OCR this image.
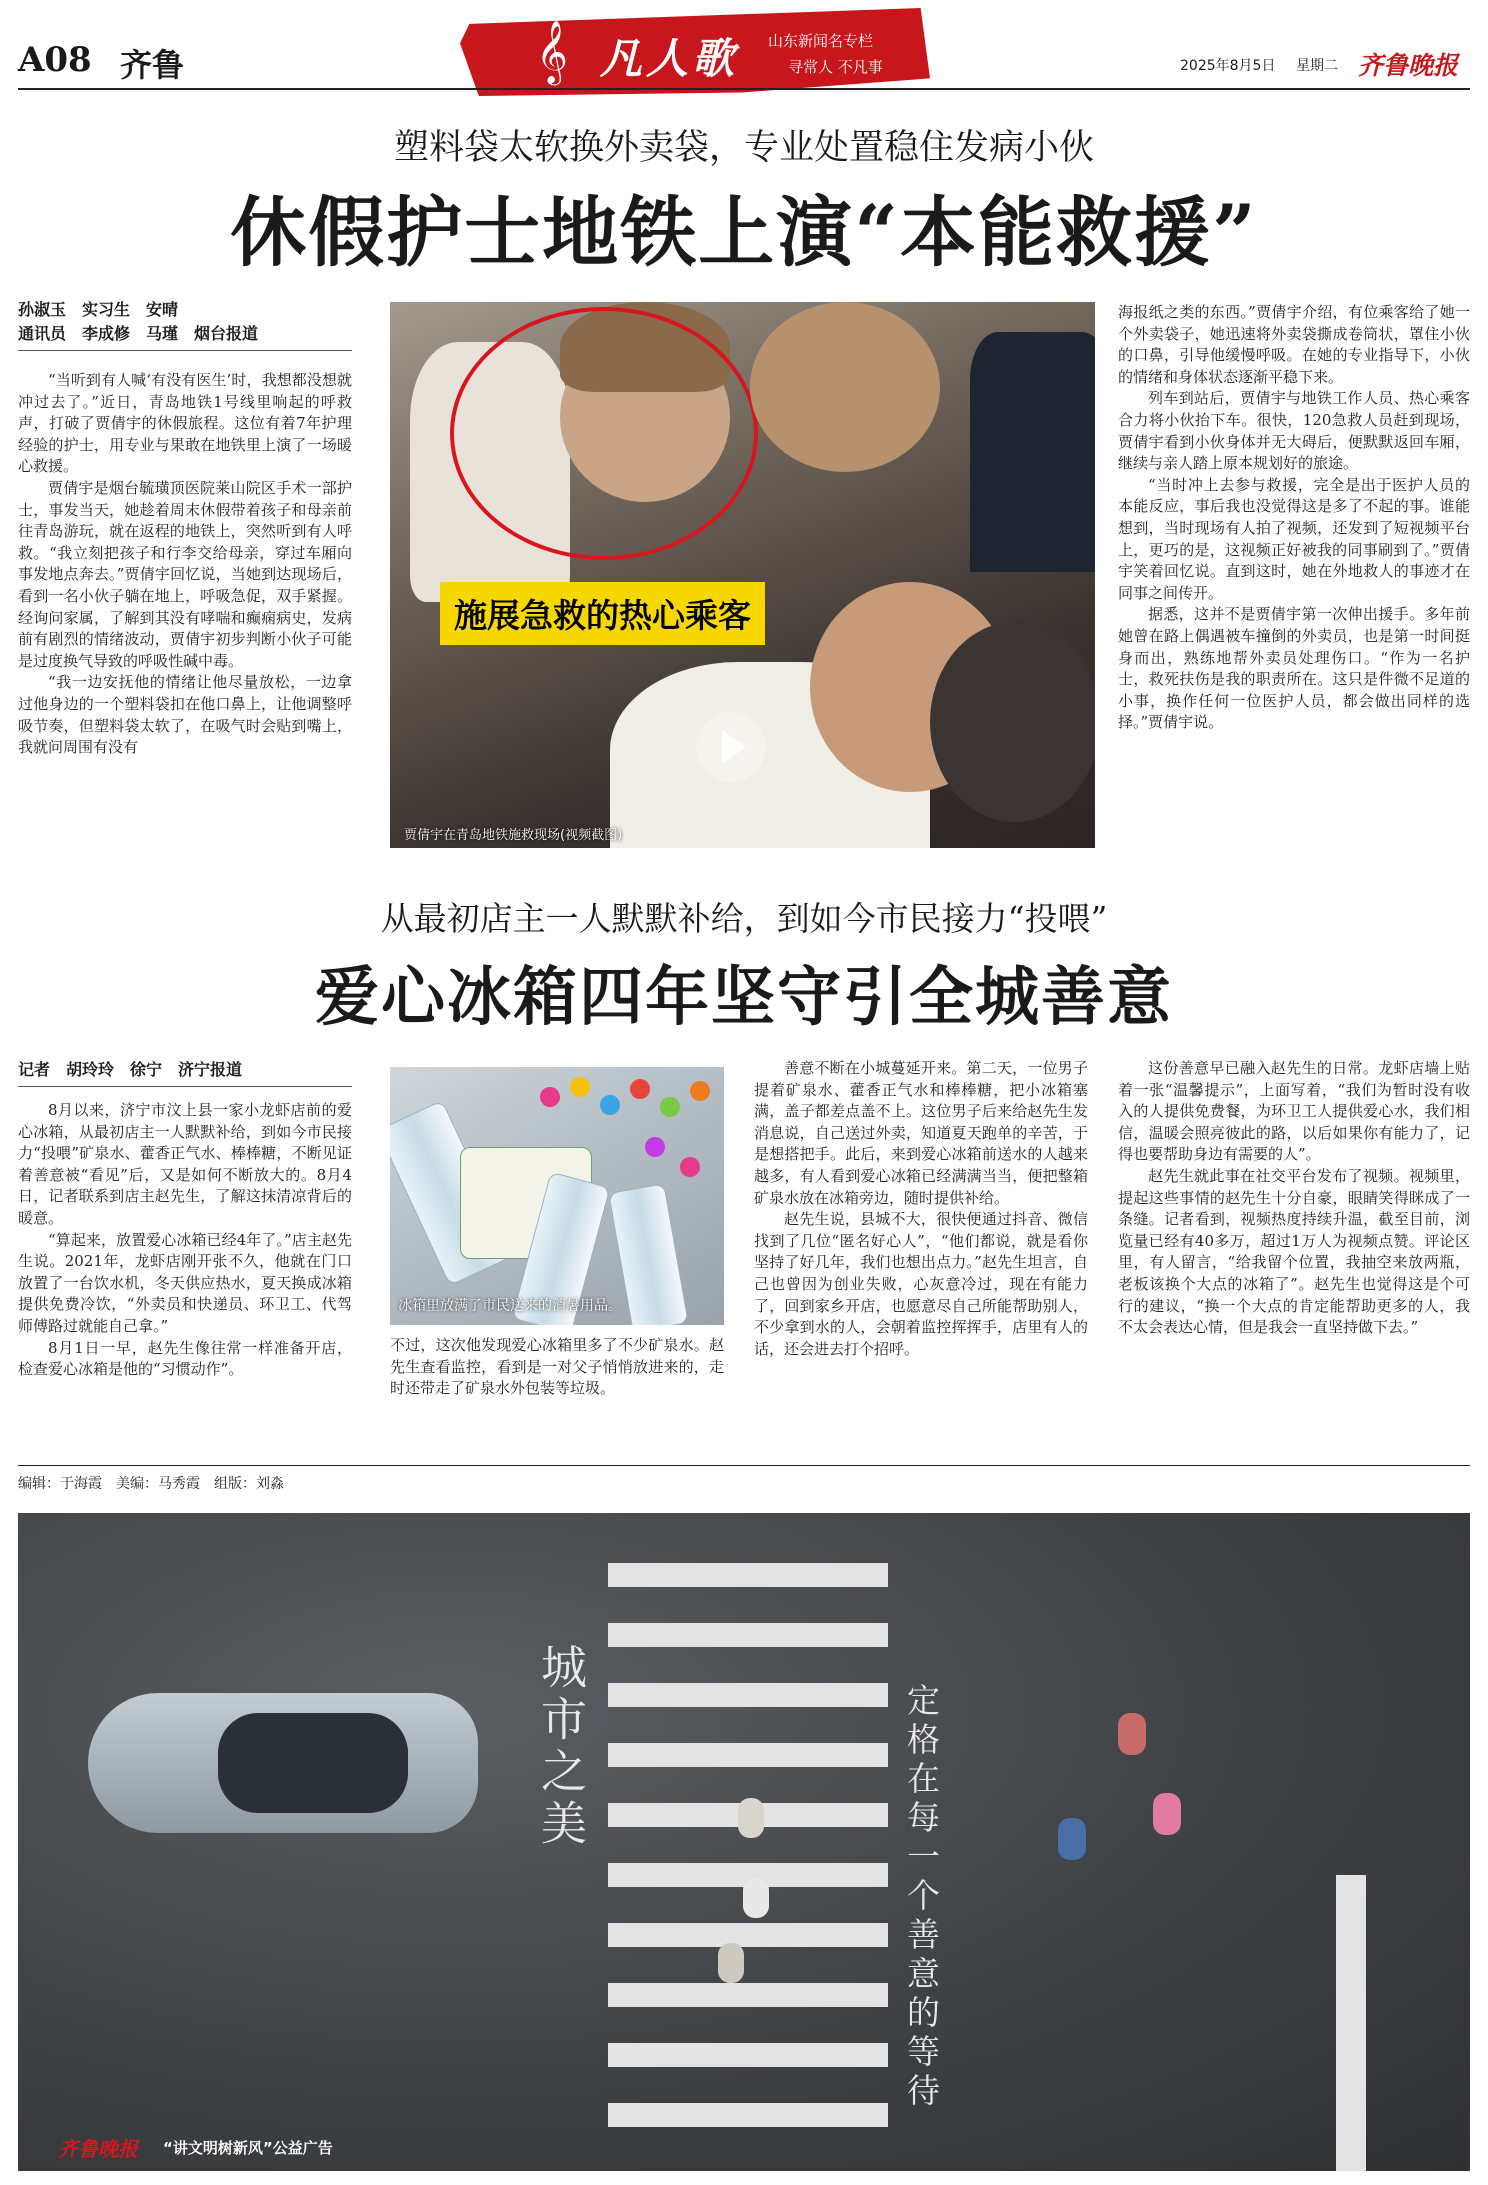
A08 齐鲁	𝄞 凡人歌 山东新闻名专栏
寻常人 不凡事	2025年8月5日 星期二 齐鲁晚报
塑料袋太软换外卖袋，专业处置稳住发病小伙
休假护士地铁上演“本能救援”
孙淑玉　实习生　安晴
通讯员　李成修　马瑾　烟台报道

“当听到有人喊‘有没有医生’时，我想都没想就冲过去了。”近日，青岛地铁1号线里响起的呼救声，打破了贾倩宇的休假旅程。这位有着7年护理经验的护士，用专业与果敢在地铁里上演了一场暖心救援。

贾倩宇是烟台毓璜顶医院莱山院区手术一部护士，事发当天，她趁着周末休假带着孩子和母亲前往青岛游玩，就在返程的地铁上，突然听到有人呼救。“我立刻把孩子和行李交给母亲，穿过车厢向事发地点奔去。”贾倩宇回忆说，当她到达现场后，看到一名小伙子躺在地上，呼吸急促，双手紧握。经询问家属，了解到其没有哮喘和癫痫病史，发病前有剧烈的情绪波动，贾倩宇初步判断小伙子可能是过度换气导致的呼吸性碱中毒。

“我一边安抚他的情绪让他尽量放松，一边拿过他身边的一个塑料袋扣在他口鼻上，让他调整呼吸节奏，但塑料袋太软了，在吸气时会贴到嘴上，我就问周围有没有

施展急救的热心乘客
贾倩宇在青岛地铁施救现场(视频截图)

海报纸之类的东西。”贾倩宇介绍，有位乘客给了她一个外卖袋子，她迅速将外卖袋撕成卷筒状，罩住小伙的口鼻，引导他缓慢呼吸。在她的专业指导下，小伙的情绪和身体状态逐渐平稳下来。

列车到站后，贾倩宇与地铁工作人员、热心乘客合力将小伙抬下车。很快，120急救人员赶到现场，贾倩宇看到小伙身体并无大碍后，便默默返回车厢，继续与亲人踏上原本规划好的旅途。

“当时冲上去参与救援，完全是出于医护人员的本能反应，事后我也没觉得这是多了不起的事。谁能想到，当时现场有人拍了视频，还发到了短视频平台上，更巧的是，这视频正好被我的同事刷到了。”贾倩宇笑着回忆说。直到这时，她在外地救人的事迹才在同事之间传开。

据悉，这并不是贾倩宇第一次伸出援手。多年前她曾在路上偶遇被车撞倒的外卖员，也是第一时间挺身而出，熟练地帮外卖员处理伤口。“作为一名护士，救死扶伤是我的职责所在。这只是件微不足道的小事，换作任何一位医护人员，都会做出同样的选择。”贾倩宇说。

从最初店主一人默默补给，到如今市民接力“投喂”
爱心冰箱四年坚守引全城善意
记者　胡玲玲　徐宁　济宁报道

8月以来，济宁市汶上县一家小龙虾店前的爱心冰箱，从最初店主一人默默补给，到如今市民接力“投喂”矿泉水、藿香正气水、棒棒糖，不断见证着善意被“看见”后，又是如何不断放大的。8月4日，记者联系到店主赵先生，了解这抹清凉背后的暖意。

“算起来，放置爱心冰箱已经4年了。”店主赵先生说。2021年，龙虾店刚开张不久，他就在门口放置了一台饮水机，冬天供应热水，夏天换成冰箱提供免费冷饮，“外卖员和快递员、环卫工、代驾师傅路过就能自己拿。”

8月1日一早，赵先生像往常一样准备开店，检查爱心冰箱是他的“习惯动作”。

冰箱里放满了市民送来的消暑用品。

不过，这次他发现爱心冰箱里多了不少矿泉水。赵先生查看监控，看到是一对父子悄悄放进来的，走时还带走了矿泉水外包装等垃圾。

善意不断在小城蔓延开来。第二天，一位男子提着矿泉水、藿香正气水和棒棒糖，把小冰箱塞满，盖子都差点盖不上。这位男子后来给赵先生发消息说，自己送过外卖，知道夏天跑单的辛苦，于是想搭把手。此后，来到爱心冰箱前送水的人越来越多，有人看到爱心冰箱已经满满当当，便把整箱矿泉水放在冰箱旁边，随时提供补给。

赵先生说，县城不大，很快便通过抖音、微信找到了几位“匿名好心人”，“他们都说，就是看你坚持了好几年，我们也想出点力。”赵先生坦言，自己也曾因为创业失败，心灰意冷过，现在有能力了，回到家乡开店，也愿意尽自己所能帮助别人，不少拿到水的人，会朝着监控挥挥手，店里有人的话，还会进去打个招呼。

这份善意早已融入赵先生的日常。龙虾店墙上贴着一张“温馨提示”，上面写着，“我们为暂时没有收入的人提供免费餐，为环卫工人提供爱心水，我们相信，温暖会照亮彼此的路，以后如果你有能力了，记得也要帮助身边有需要的人”。

赵先生就此事在社交平台发布了视频。视频里，提起这些事情的赵先生十分自豪，眼睛笑得眯成了一条缝。记者看到，视频热度持续升温，截至目前，浏览量已经有40多万，超过1万人为视频点赞。评论区里，有人留言，“给我留个位置，我抽空来放两瓶，老板该换个大点的冰箱了”。赵先生也觉得这是个可行的建议，“换一个大点的肯定能帮助更多的人，我不太会表达心情，但是我会一直坚持做下去。”

编辑：于海霞　美编：马秀霞　组版：刘淼
城市之美	定格在每一个善意的等待
齐鲁晚报 “讲文明树新风”公益广告
